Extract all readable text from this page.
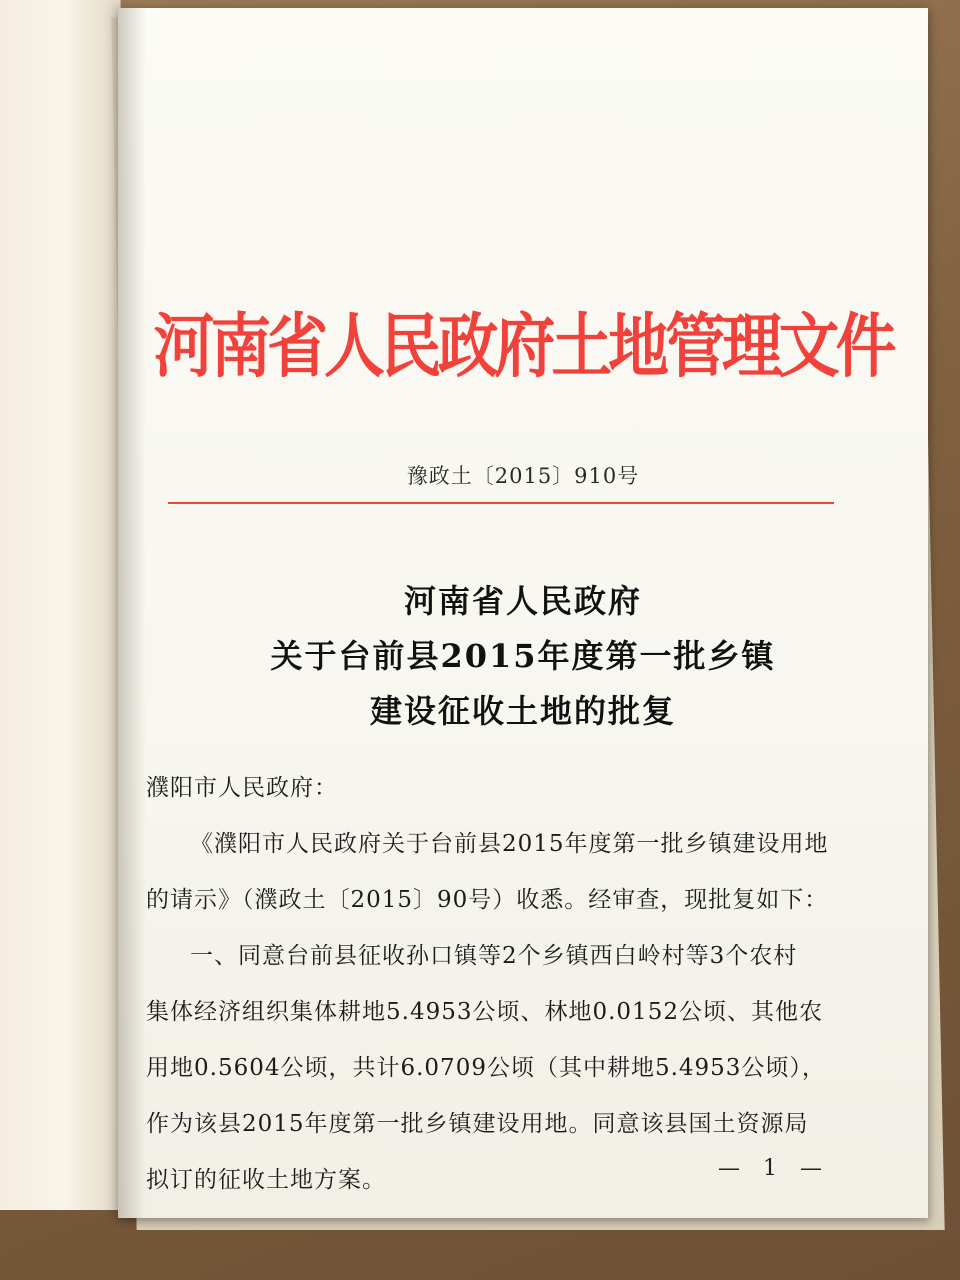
河南省人民政府土地管理文件
豫政土〔2015〕910号
河南省人民政府
关于台前县2015年度第一批乡镇
建设征收土地的批复
濮阳市人民政府：
《濮阳市人民政府关于台前县2015年度第一批乡镇建设用地
的请示》（濮政土〔2015〕90号）收悉。经审查，现批复如下：
一、同意台前县征收孙口镇等2个乡镇西白岭村等3个农村
集体经济组织集体耕地5.4953公顷、林地0.0152公顷、其他农
用地0.5604公顷，共计6.0709公顷（其中耕地5.4953公顷），
作为该县2015年度第一批乡镇建设用地。同意该县国土资源局
拟订的征收土地方案。	— 1 —
